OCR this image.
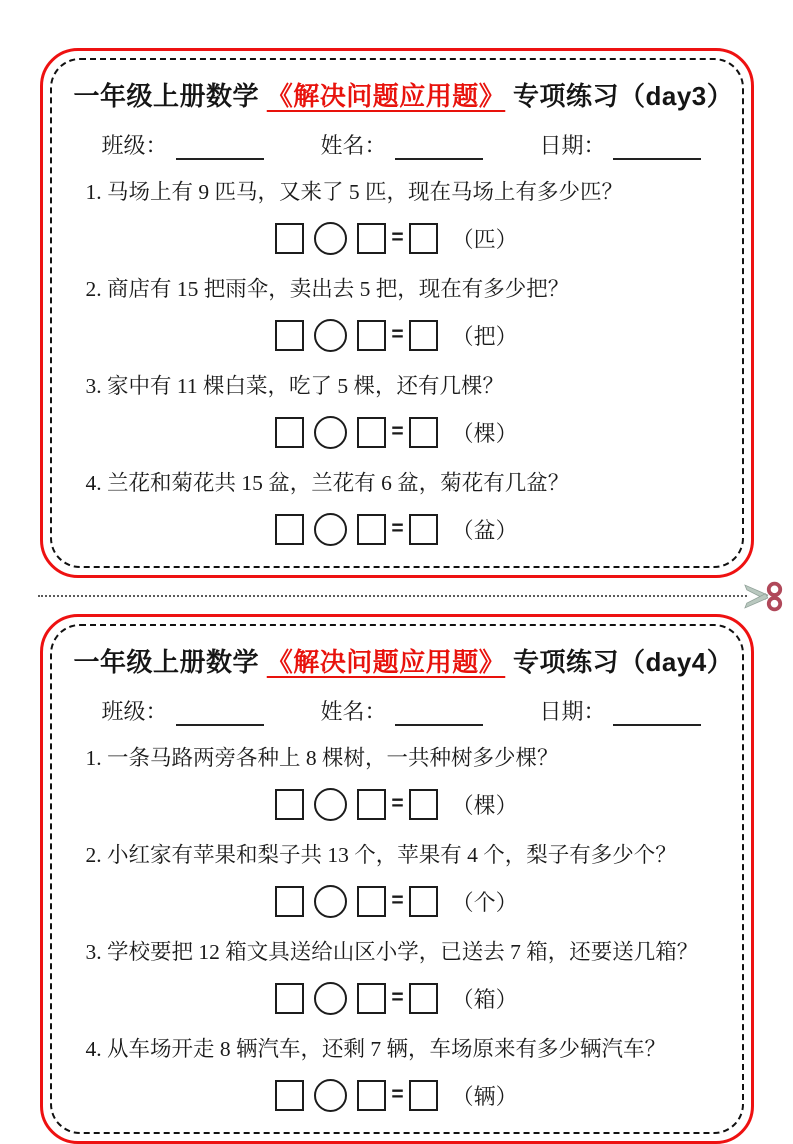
一年级上册数学 《解决问题应用题》 专项练习（day3）
班级：	姓名：	日期：

1. 马场上有 9 匹马，又来了 5 匹，现在马场上有多少匹？

= （匹）

2. 商店有 15 把雨伞，卖出去 5 把，现在有多少把？

= （把）

3. 家中有 11 棵白菜，吃了 5 棵，还有几棵？

= （棵）

4. 兰花和菊花共 15 盆，兰花有 6 盆，菊花有几盆？

= （盆）
一年级上册数学 《解决问题应用题》 专项练习（day4）
班级：	姓名：	日期：

1. 一条马路两旁各种上 8 棵树，一共种树多少棵？

= （棵）

2. 小红家有苹果和梨子共 13 个，苹果有 4 个，梨子有多少个？

= （个）

3. 学校要把 12 箱文具送给山区小学，已送去 7 箱，还要送几箱？

= （箱）

4. 从车场开走 8 辆汽车，还剩 7 辆，车场原来有多少辆汽车？

= （辆）
